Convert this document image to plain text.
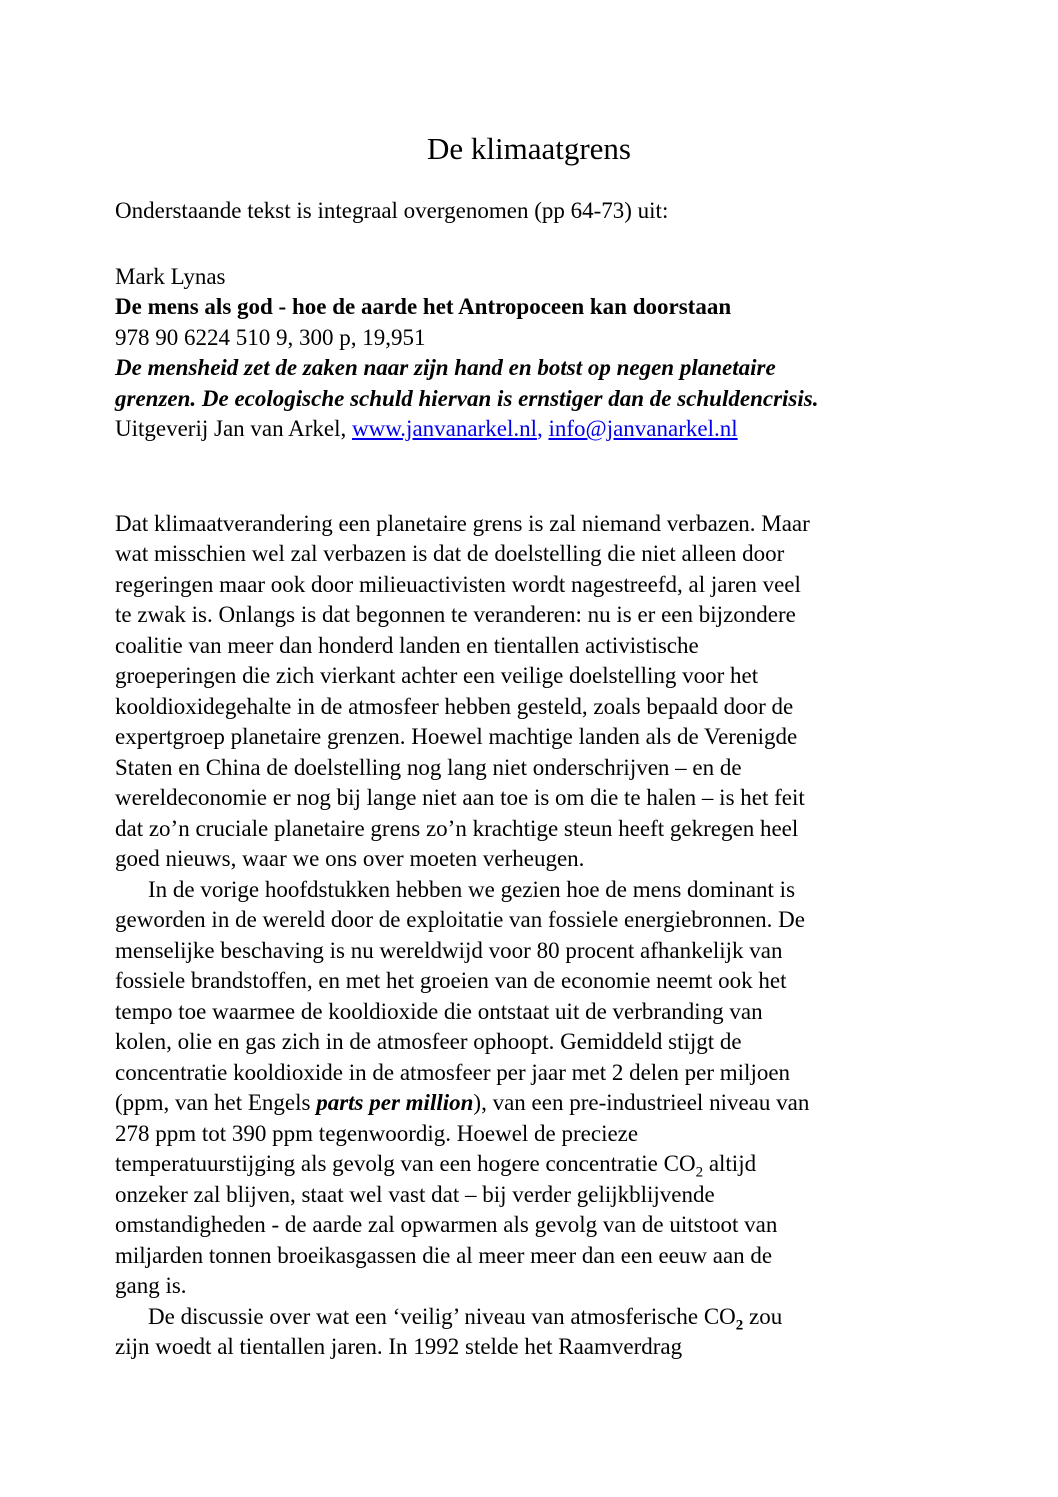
De klimaatgrens
Onderstaande tekst is integraal overgenomen (pp 64-73) uit:
Mark Lynas
De mens als god - hoe de aarde het Antropoceen kan doorstaan
978 90 6224 510 9, 300 p, 19,951
De mensheid zet de zaken naar zijn hand en botst op negen planetaire
grenzen. De ecologische schuld hiervan is ernstiger dan de schuldencrisis.
Uitgeverij Jan van Arkel, www.janvanarkel.nl, info@janvanarkel.nl
Dat klimaatverandering een planetaire grens is zal niemand verbazen. Maar
wat misschien wel zal verbazen is dat de doelstelling die niet alleen door
regeringen maar ook door milieuactivisten wordt nagestreefd, al jaren veel
te zwak is. Onlangs is dat begonnen te veranderen: nu is er een bijzondere
coalitie van meer dan honderd landen en tientallen activistische
groeperingen die zich vierkant achter een veilige doelstelling voor het
kooldioxidegehalte in de atmosfeer hebben gesteld, zoals bepaald door de
expertgroep planetaire grenzen. Hoewel machtige landen als de Verenigde
Staten en China de doelstelling nog lang niet onderschrijven – en de
wereldeconomie er nog bij lange niet aan toe is om die te halen – is het feit
dat zo’n cruciale planetaire grens zo’n krachtige steun heeft gekregen heel
goed nieuws, waar we ons over moeten verheugen.
In de vorige hoofdstukken hebben we gezien hoe de mens dominant is
geworden in de wereld door de exploitatie van fossiele energiebronnen. De
menselijke beschaving is nu wereldwijd voor 80 procent afhankelijk van
fossiele brandstoffen, en met het groeien van de economie neemt ook het
tempo toe waarmee de kooldioxide die ontstaat uit de verbranding van
kolen, olie en gas zich in de atmosfeer ophoopt. Gemiddeld stijgt de
concentratie kooldioxide in de atmosfeer per jaar met 2 delen per miljoen
(ppm, van het Engels parts per million), van een pre-industrieel niveau van
278 ppm tot 390 ppm tegenwoordig. Hoewel de precieze
temperatuurstijging als gevolg van een hogere concentratie $CO_2$ altijd
onzeker zal blijven, staat wel vast dat – bij verder gelijkblijvende
omstandigheden - de aarde zal opwarmen als gevolg van de uitstoot van
miljarden tonnen broeikasgassen die al meer meer dan een eeuw aan de
gang is.
De discussie over wat een ‘veilig’ niveau van atmosferische $CO_2$ zou
zijn woedt al tientallen jaren. In 1992 stelde het Raamverdrag
